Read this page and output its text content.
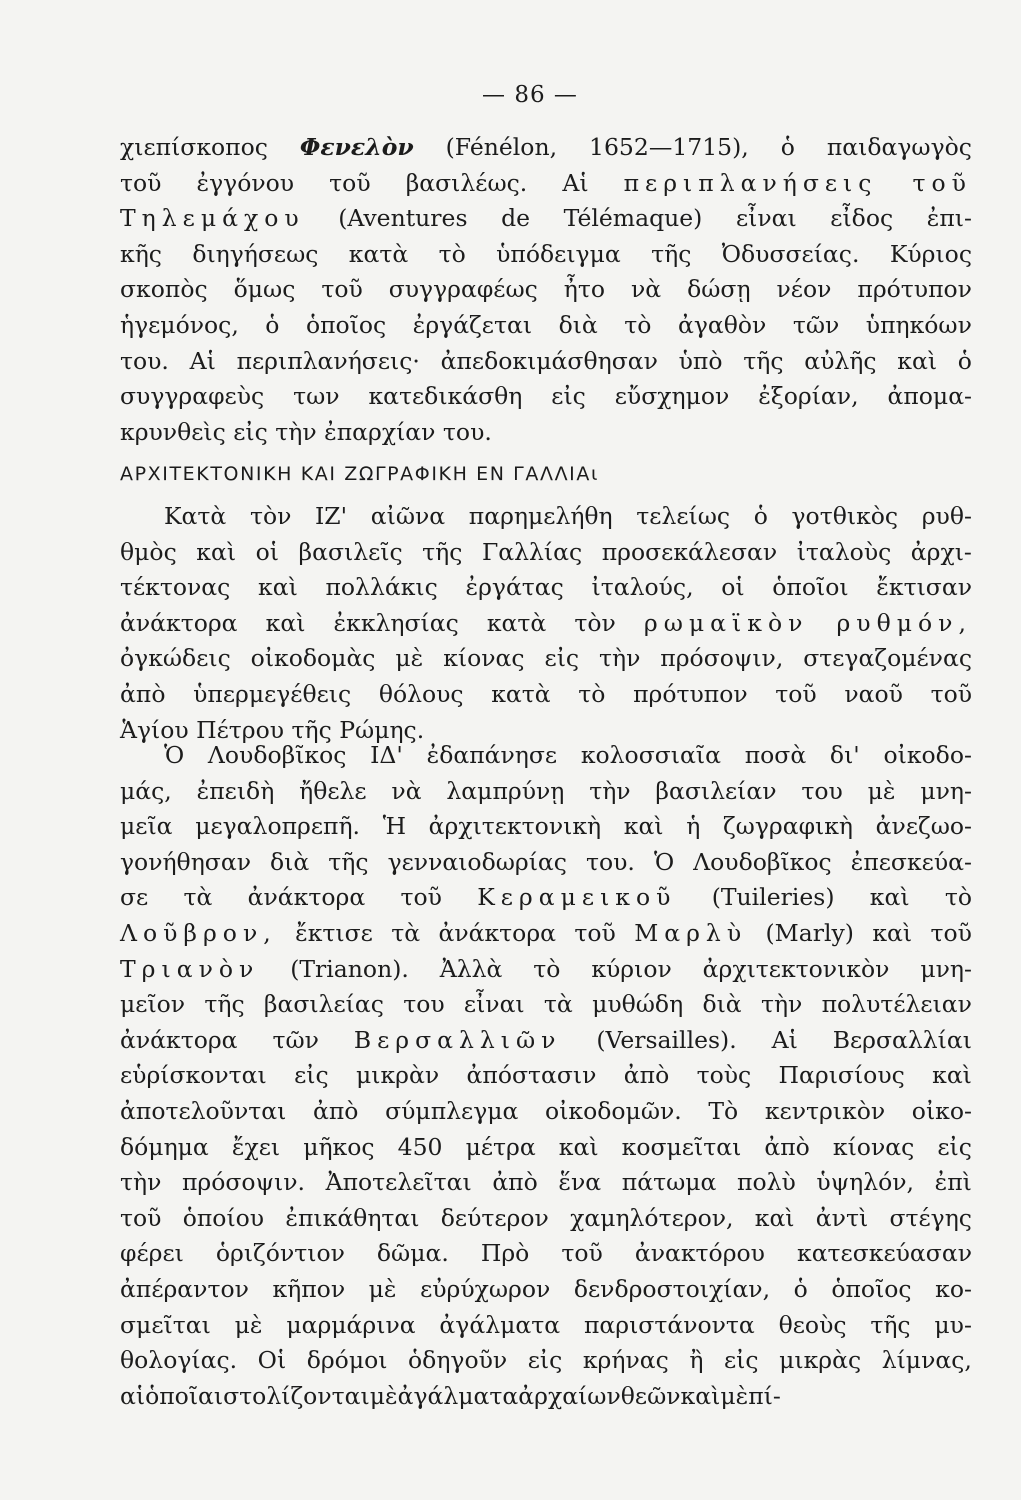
— 86 —
χιεπίσκοπος Φενελὸν (Fénélon, 1652—1715), ὁ παιδαγωγὸς
τοῦ ἐγγόνου τοῦ βασιλέως. Αἱ περιπλανήσεις τοῦ
Τηλεμάχου (Aventures de Télémaque) εἶναι εἶδος ἐπι-
κῆς διηγήσεως κατὰ τὸ ὑπόδειγμα τῆς Ὀδυσσείας. Κύριος
σκοπὸς ὅμως τοῦ συγγραφέως ἦτο νὰ δώσῃ νέον πρότυπον
ἡγεμόνος, ὁ ὁποῖος ἐργάζεται διὰ τὸ ἀγαθὸν τῶν ὑπηκόων
του. Αἱ περιπλανήσεις· ἀπεδοκιμάσθησαν ὑπὸ τῆς αὐλῆς καὶ ὁ
συγγραφεὺς των κατεδικάσθη εἰς εὔσχημον ἐξορίαν, ἀπομα-
κρυνθεὶς εἰς τὴν ἐπαρχίαν του.
ΑΡΧΙΤΕΚΤΟΝΙΚΗ ΚΑΙ ΖΩΓΡΑΦΙΚΗ ΕΝ ΓΑΛΛΙΑι
Κατὰ τὸν ΙΖ' αἰῶνα παρημελήθη τελείως ὁ γοτθικὸς ρυθ-
θμὸς καὶ οἱ βασιλεῖς τῆς Γαλλίας προσεκάλεσαν ἰταλοὺς ἀρχι-
τέκτονας καὶ πολλάκις ἐργάτας ἰταλούς, οἱ ὁποῖοι ἔκτισαν
ἀνάκτορα καὶ ἐκκλησίας κατὰ τὸν ρωμαϊκὸν ρυθμόν,
ὀγκώδεις οἰκοδομὰς μὲ κίονας εἰς τὴν πρόσοψιν, στεγαζομένας
ἀπὸ ὑπερμεγέθεις θόλους κατὰ τὸ πρότυπον τοῦ ναοῦ τοῦ
Ἁγίου Πέτρου τῆς Ρώμης.
Ὁ Λουδοβῖκος ΙΔ' ἐδαπάνησε κολοσσιαῖα ποσὰ δι' οἰκοδο-
μάς, ἐπειδὴ ἤθελε νὰ λαμπρύνῃ τὴν βασιλείαν του μὲ μνη-
μεῖα μεγαλοπρεπῆ. Ἡ ἀρχιτεκτονικὴ καὶ ἡ ζωγραφικὴ ἀνεζωο-
γονήθησαν διὰ τῆς γενναιοδωρίας του. Ὁ Λουδοβῖκος ἐπεσκεύα-
σε τὰ ἀνάκτορα τοῦ Κεραμεικοῦ (Tuileries) καὶ τὸ
Λοῦβρον, ἔκτισε τὰ ἀνάκτορα τοῦ Μαρλὺ (Marly) καὶ τοῦ
Τριανὸν (Trianon). Ἀλλὰ τὸ κύριον ἀρχιτεκτονικὸν μνη-
μεῖον τῆς βασιλείας του εἶναι τὰ μυθώδη διὰ τὴν πολυτέλειαν
ἀνάκτορα τῶν Βερσαλλιῶν (Versailles). Αἱ Βερσαλλίαι
εὑρίσκονται εἰς μικρὰν ἀπόστασιν ἀπὸ τοὺς Παρισίους καὶ
ἀποτελοῦνται ἀπὸ σύμπλεγμα οἰκοδομῶν. Τὸ κεντρικὸν οἰκο-
δόμημα ἔχει μῆκος 450 μέτρα καὶ κοσμεῖται ἀπὸ κίονας εἰς
τὴν πρόσοψιν. Ἀποτελεῖται ἀπὸ ἕνα πάτωμα πολὺ ὑψηλόν, ἐπὶ
τοῦ ὁποίου ἐπικάθηται δεύτερον χαμηλότερον, καὶ ἀντὶ στέγης
φέρει ὁριζόντιον δῶμα. Πρὸ τοῦ ἀνακτόρου κατεσκεύασαν
ἀπέραντον κῆπον μὲ εὐρύχωρον δενδροστοιχίαν, ὁ ὁποῖος κο-
σμεῖται μὲ μαρμάρινα ἀγάλματα παριστάνοντα θεοὺς τῆς μυ-
θολογίας. Οἱ δρόμοι ὁδηγοῦν εἰς κρήνας ἢ εἰς μικρὰς λίμνας,
αἱ ὁποῖαι στολίζονται μὲ ἀγάλματα ἀρχαίων θεῶν καὶ μὲ πί-
